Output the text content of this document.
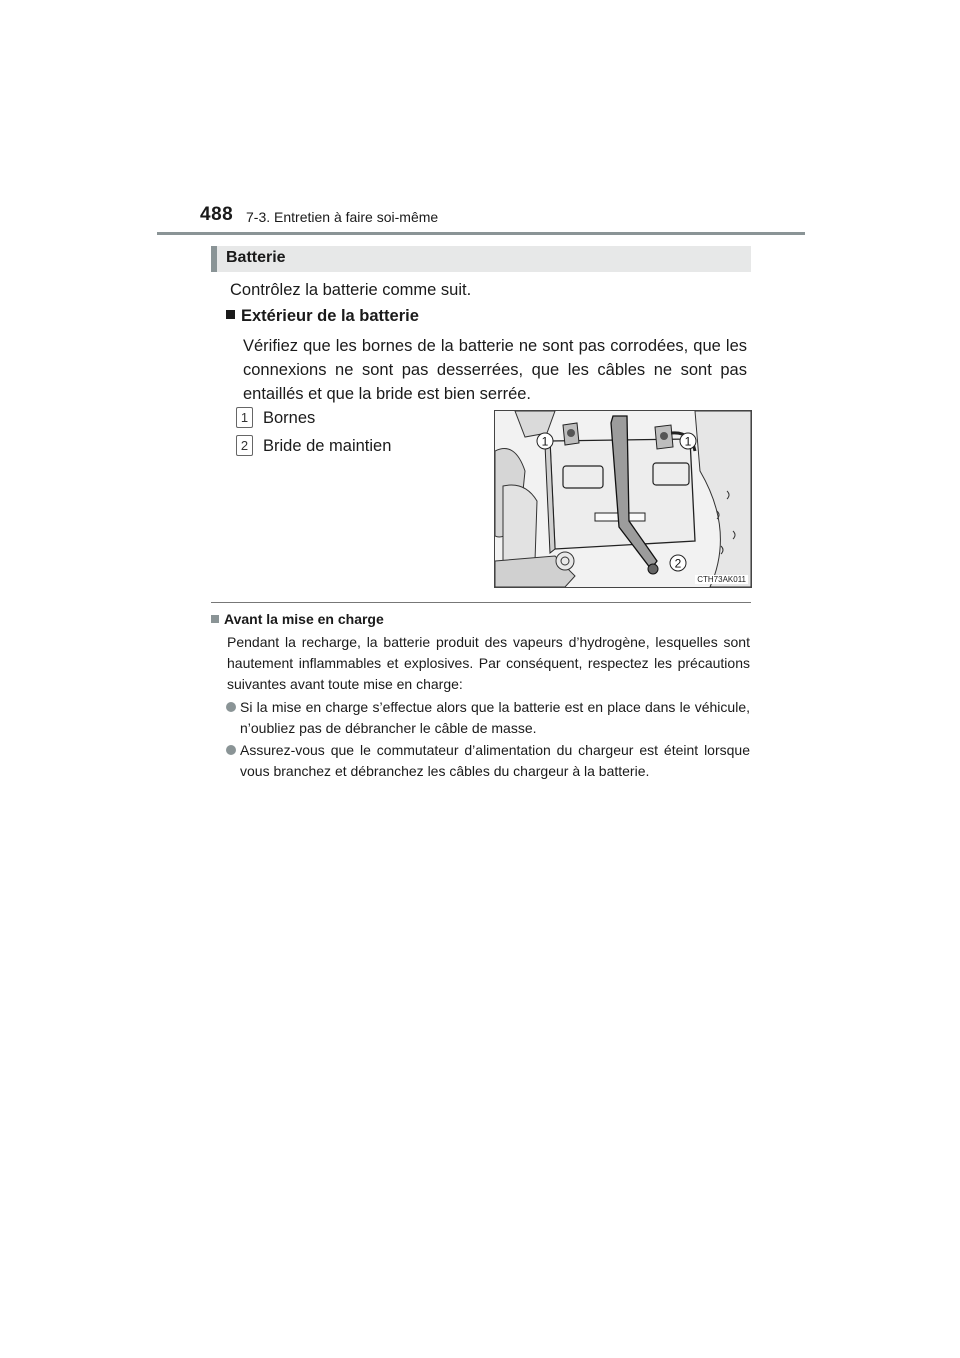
488 7-3. Entretien à faire soi-même
Batterie
Contrôlez la batterie comme suit.
Extérieur de la batterie
Vérifiez que les bornes de la batterie ne sont pas corrodées, que les connexions ne sont pas desserrées, que les câbles ne sont pas entaillés et que la bride est bien serrée.
1 Bornes
2 Bride de maintien	1	1
2
CTH73AK011
Avant la mise en charge
Pendant la recharge, la batterie produit des vapeurs d’hydrogène, lesquelles sont hautement inflammables et explosives. Par conséquent, respectez les précautions suivantes avant toute mise en charge:
Si la mise en charge s’effectue alors que la batterie est en place dans le véhicule, n’oubliez pas de débrancher le câble de masse.
Assurez-vous que le commutateur d’alimentation du chargeur est éteint lorsque vous branchez et débranchez les câbles du chargeur à la batterie.
